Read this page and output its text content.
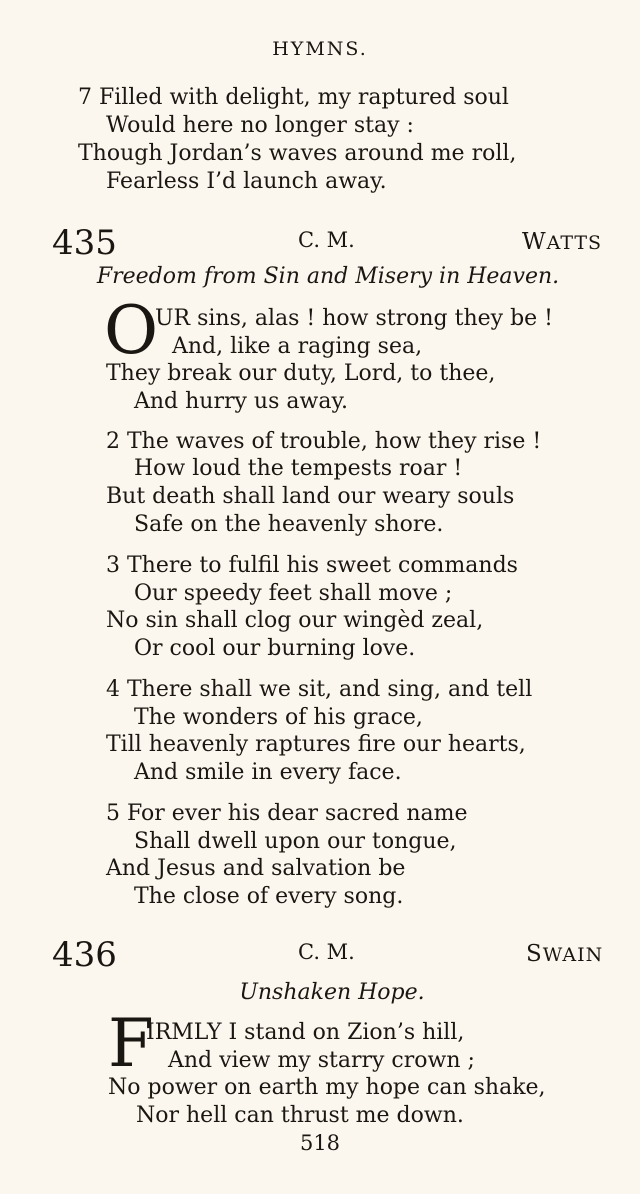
HYMNS.
7 Filled with delight, my raptured soul
Would here no longer stay :
Though Jordan’s waves around me roll,
Fearless I’d launch away.
435	C. M.	WATTS
Freedom from Sin and Misery in Heaven.
O
UR sins, alas ! how strong they be !
And, like a raging sea,
They break our duty, Lord, to thee,
And hurry us away.
2 The waves of trouble, how they rise !
How loud the tempests roar !
But death shall land our weary souls
Safe on the heavenly shore.
3 There to fulfil his sweet commands
Our speedy feet shall move ;
No sin shall clog our wingèd zeal,
Or cool our burning love.
4 There shall we sit, and sing, and tell
The wonders of his grace,
Till heavenly raptures fire our hearts,
And smile in every face.
5 For ever his dear sacred name
Shall dwell upon our tongue,
And Jesus and salvation be
The close of every song.
436	C. M.	SWAIN
Unshaken Hope.
F
IRMLY I stand on Zion’s hill,
And view my starry crown ;
No power on earth my hope can shake,
Nor hell can thrust me down.
518
